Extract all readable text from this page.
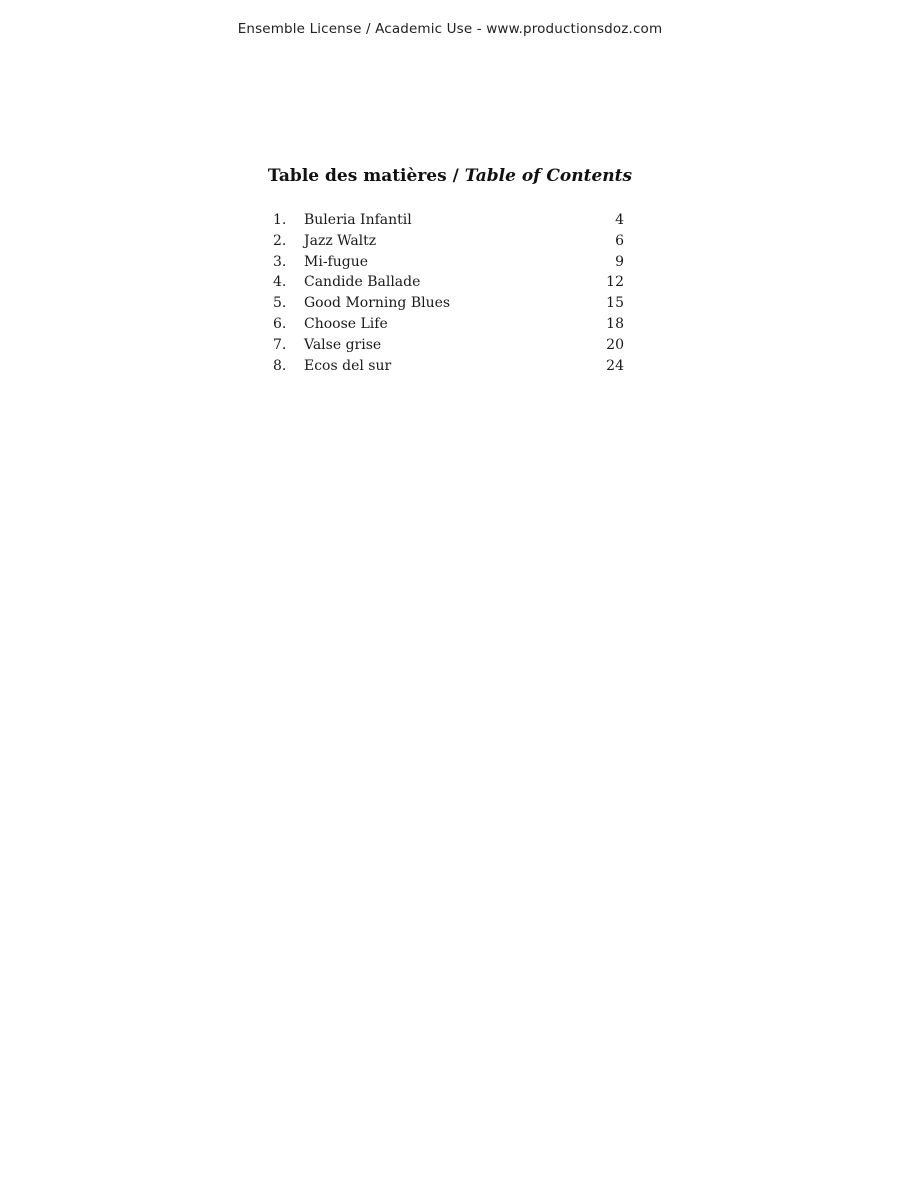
Ensemble License / Academic Use - www.productionsdoz.com
Table des matières / Table of Contents
1. Buleria Infantil	4
2. Jazz Waltz	6
3. Mi-fugue	9
4. Candide Ballade	12
5. Good Morning Blues	15
6. Choose Life	18
7. Valse grise	20
8. Ecos del sur	24
